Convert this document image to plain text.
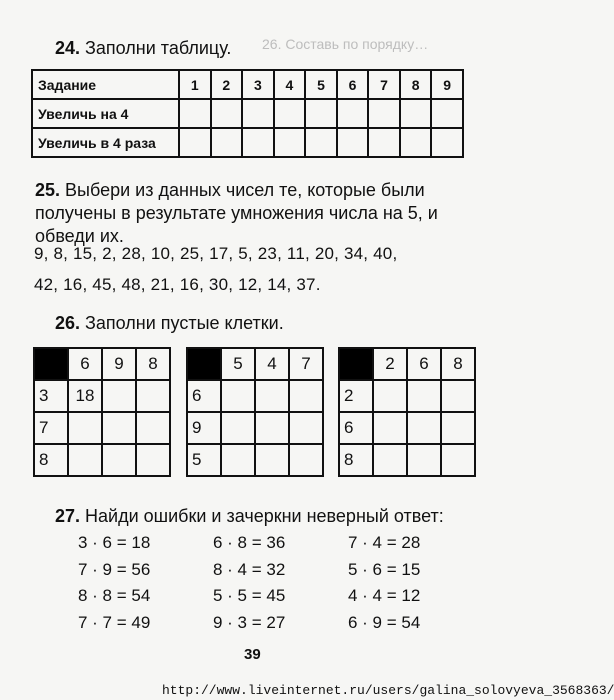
26. Составь по порядку…
24. Заполни таблицу.
Задание	1	2	3	4	5	6	7	8	9
Увеличь на 4									
Увеличь в 4 раза									
25. Выбери из данных чисел те, которые были
получены в результате умножения числа на 5, и
обведи их.
9, 8, 15, 2, 28, 10, 25, 17, 5, 23, 11, 20, 34, 40,
42, 16, 45, 48, 21, 16, 30, 12, 14, 37.
26. Заполни пустые клетки.
	6	9	8
3	18		
7			
8			
	5	4	7
6			
9			
5			
	2	6	8
2			
6			
8			
27. Найди ошибки и зачеркни неверный ответ:
3 · 6 = 18
7 · 9 = 56
8 · 8 = 54
7 · 7 = 49
6 · 8 = 36
8 · 4 = 32
5 · 5 = 45
9 · 3 = 27
7 · 4 = 28
5 · 6 = 15
4 · 4 = 12
6 · 9 = 54
39
http://www.liveinternet.ru/users/galina_solovyeva_3568363/
